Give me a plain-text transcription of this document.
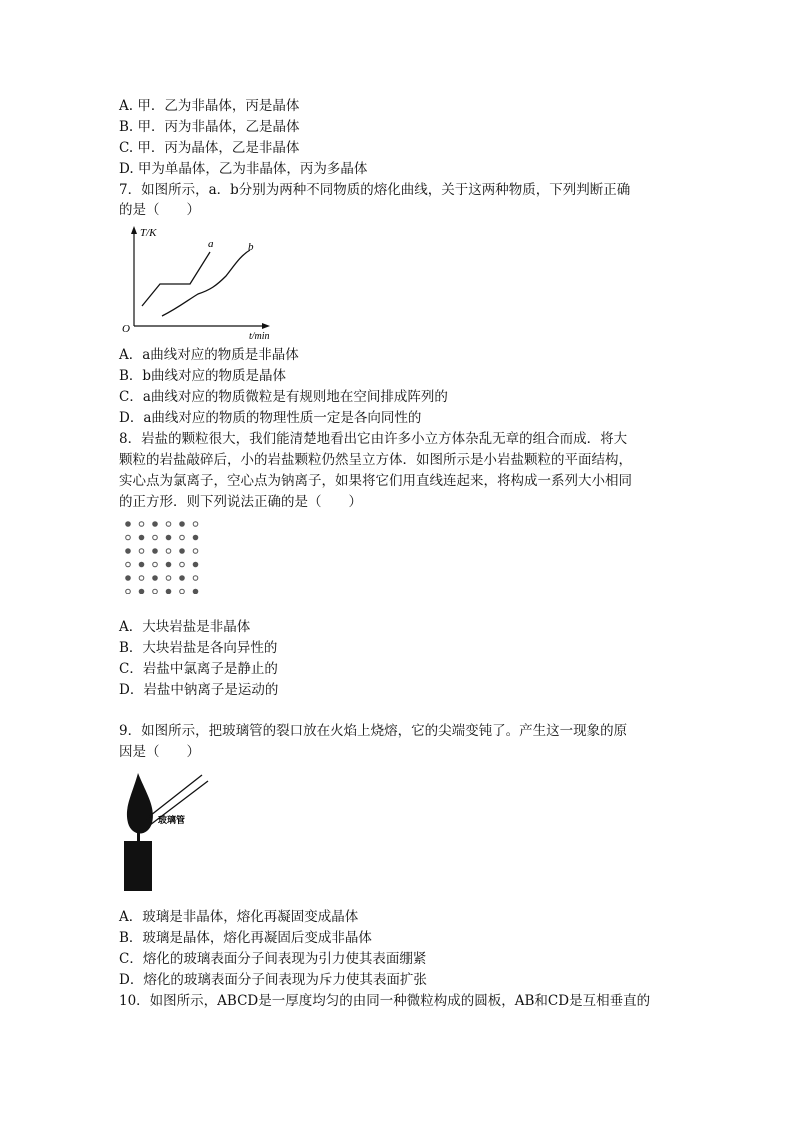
A. 甲．乙为非晶体，丙是晶体
B. 甲．丙为非晶体，乙是晶体
C. 甲．丙为晶体，乙是非晶体
D. 甲为单晶体，乙为非晶体，丙为多晶体
7．如图所示，a．b分别为两种不同物质的熔化曲线，关于这两种物质，下列判断正确
的是（　　）
T/K
t/min
O
a	b
A．a曲线对应的物质是非晶体
B．b曲线对应的物质是晶体
C．a曲线对应的物质微粒是有规则地在空间排成阵列的
D．a曲线对应的物质的物理性质一定是各向同性的
8．岩盐的颗粒很大，我们能清楚地看出它由许多小立方体杂乱无章的组合而成．将大
颗粒的岩盐敲碎后，小的岩盐颗粒仍然呈立方体．如图所示是小岩盐颗粒的平面结构，
实心点为氯离子，空心点为钠离子，如果将它们用直线连起来，将构成一系列大小相同
的正方形．则下列说法正确的是（　　）
A．大块岩盐是非晶体
B．大块岩盐是各向异性的
C．岩盐中氯离子是静止的
D．岩盐中钠离子是运动的
9．如图所示，把玻璃管的裂口放在火焰上烧熔，它的尖端变钝了。产生这一现象的原
因是（　　）
玻璃管
A．玻璃是非晶体，熔化再凝固变成晶体
B．玻璃是晶体，熔化再凝固后变成非晶体
C．熔化的玻璃表面分子间表现为引力使其表面绷紧
D．熔化的玻璃表面分子间表现为斥力使其表面扩张
10．如图所示，ABCD是一厚度均匀的由同一种微粒构成的圆板，AB和CD是互相垂直的
